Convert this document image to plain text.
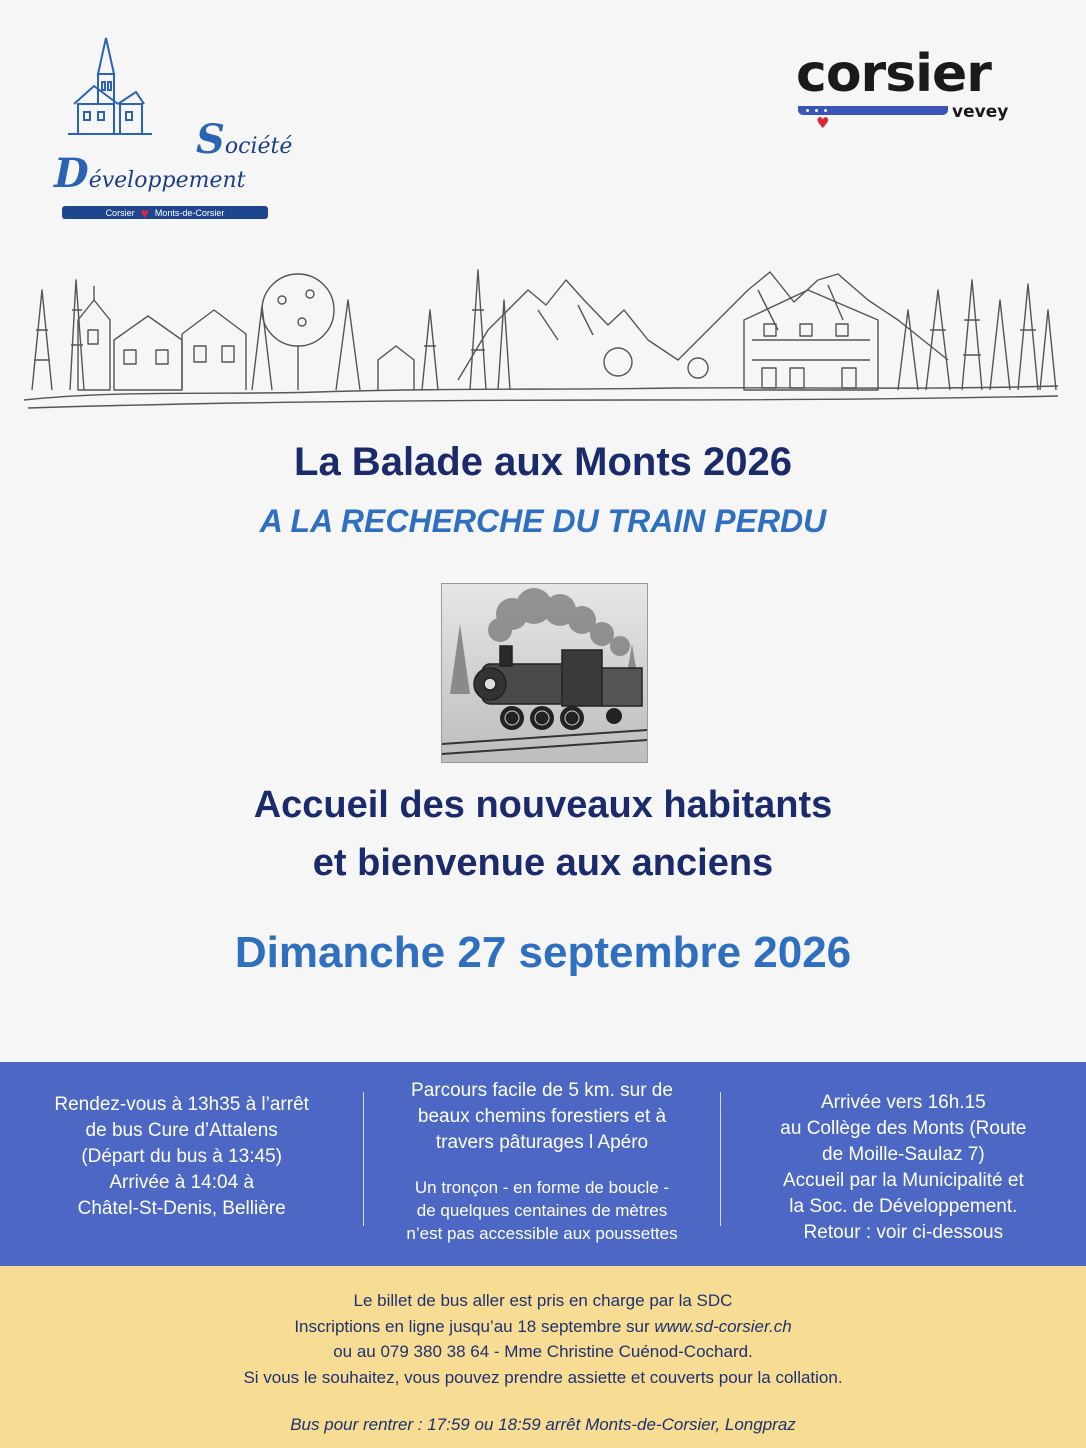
Société
Développement
Corsier ♥ Monts-de-Corsier
corsier
♥
vevey
La Balade aux Monts 2026
A LA RECHERCHE DU TRAIN PERDU
Accueil des nouveaux habitants
et bienvenue aux anciens
Dimanche 27 septembre 2026

Rendez-vous à 13h35 à l’arrêt

de bus Cure d’Attalens

(Départ du bus à 13:45)

Arrivée à 14:04 à

Châtel-St-Denis, Bellière

Parcours facile de 5 km. sur de

beaux chemins forestiers et à

travers pâturages l Apéro

Un tronçon - en forme de boucle -

de quelques centaines de mètres

n’est pas accessible aux poussettes

Arrivée vers 16h.15

au Collège des Monts (Route

de Moille-Saulaz 7)

Accueil par la Municipalité et

la Soc. de Développement.

Retour : voir ci-dessous

Le billet de bus aller est pris en charge par la SDC

Inscriptions en ligne jusqu’au 18 septembre sur www.sd-corsier.ch

ou au 079 380 38 64 - Mme Christine Cuénod-Cochard.

Si vous le souhaitez, vous pouvez prendre assiette et couverts pour la collation.

Bus pour rentrer : 17:59 ou 18:59 arrêt Monts-de-Corsier, Longpraz
